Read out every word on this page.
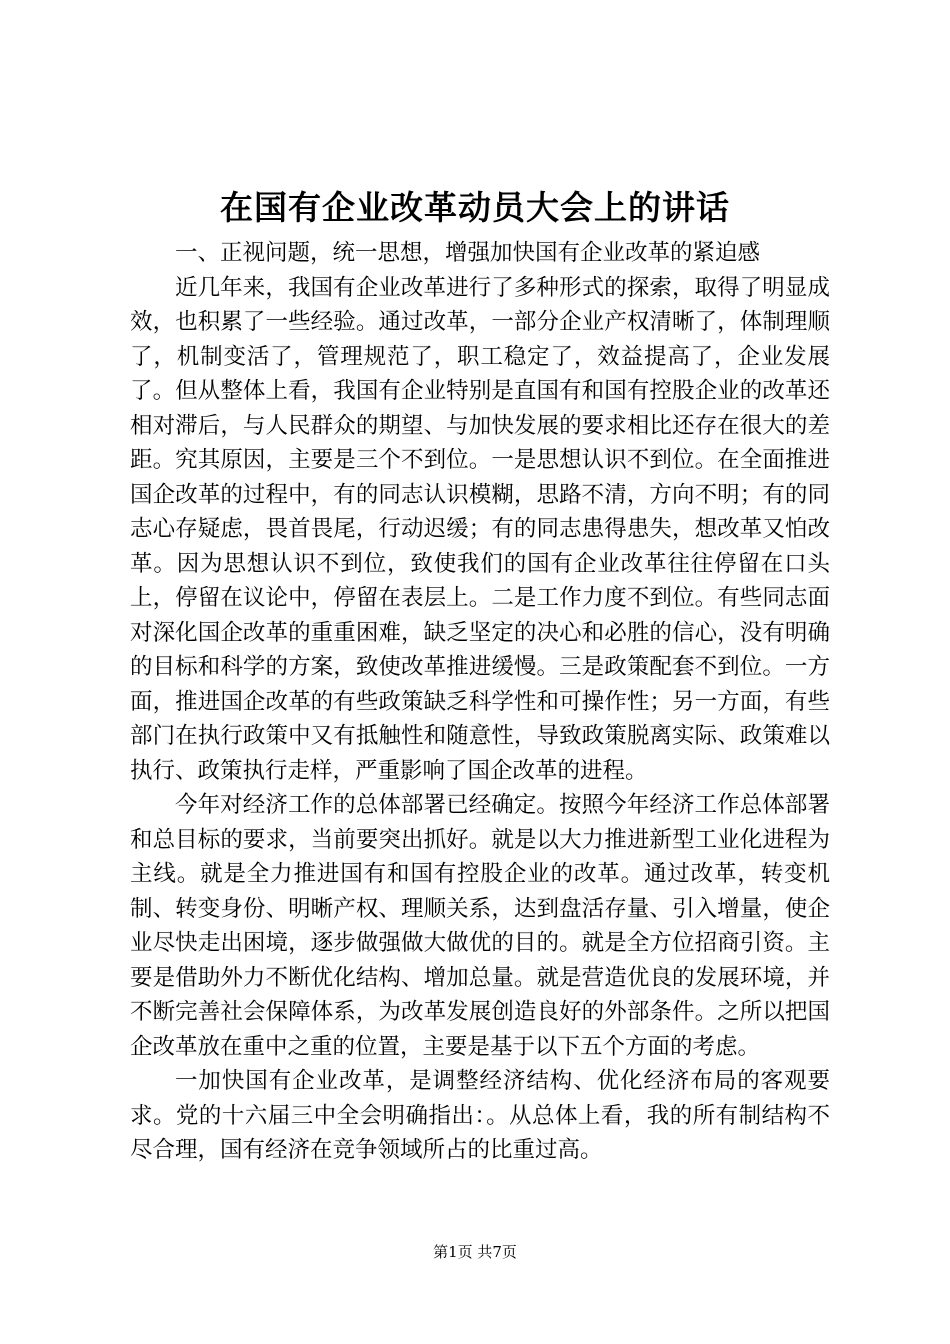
在国有企业改革动员大会上的讲话

一、正视问题，统一思想，增强加快国有企业改革的紧迫感

近几年来，我国有企业改革进行了多种形式的探索，取得了明显成效，也积累了一些经验。通过改革，一部分企业产权清晰了，体制理顺了，机制变活了，管理规范了，职工稳定了，效益提高了，企业发展了。但从整体上看，我国有企业特别是直国有和国有控股企业的改革还相对滞后，与人民群众的期望、与加快发展的要求相比还存在很大的差距。究其原因，主要是三个不到位。一是思想认识不到位。在全面推进国企改革的过程中，有的同志认识模糊，思路不清，方向不明；有的同志心存疑虑，畏首畏尾，行动迟缓；有的同志患得患失，想改革又怕改革。因为思想认识不到位，致使我们的国有企业改革往往停留在口头上，停留在议论中，停留在表层上。二是工作力度不到位。有些同志面对深化国企改革的重重困难，缺乏坚定的决心和必胜的信心，没有明确的目标和科学的方案，致使改革推进缓慢。三是政策配套不到位。一方面，推进国企改革的有些政策缺乏科学性和可操作性；另一方面，有些部门在执行政策中又有抵触性和随意性，导致政策脱离实际、政策难以执行、政策执行走样，严重影响了国企改革的进程。

今年对经济工作的总体部署已经确定。按照今年经济工作总体部署和总目标的要求，当前要突出抓好。就是以大力推进新型工业化进程为主线。就是全力推进国有和国有控股企业的改革。通过改革，转变机制、转变身份、明晰产权、理顺关系，达到盘活存量、引入增量，使企业尽快走出困境，逐步做强做大做优的目的。就是全方位招商引资。主要是借助外力不断优化结构、增加总量。就是营造优良的发展环境，并不断完善社会保障体系，为改革发展创造良好的外部条件。之所以把国企改革放在重中之重的位置，主要是基于以下五个方面的考虑。

一加快国有企业改革，是调整经济结构、优化经济布局的客观要求。党的十六届三中全会明确指出：。从总体上看，我的所有制结构不尽合理，国有经济在竞争领域所占的比重过高。

第1页 共7页
